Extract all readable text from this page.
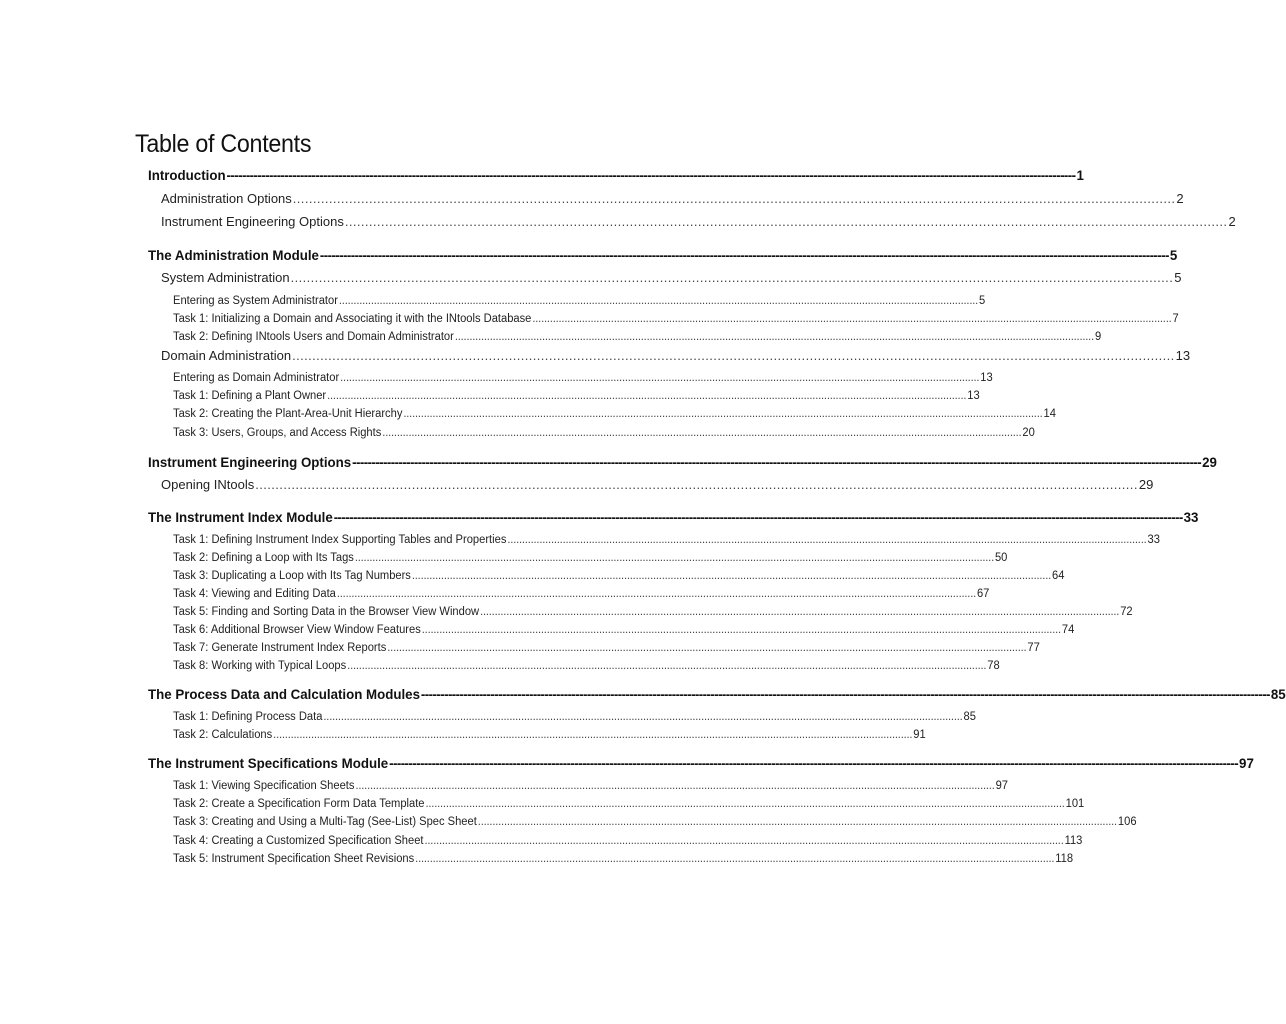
Table of Contents
Introduction ---------------------------------------------------------------------------------------------------------------------------------------------------------------------------------------------------------------------------- 1
Administration Options ............................................................................................................................................................................................................................ 2
Instrument Engineering Options ............................................................................................................................................................................................................................ 2
The Administration Module ---------------------------------------------------------------------------------------------------------------------------------------------------------------------------------------------------------------------------- 5
System Administration ............................................................................................................................................................................................................................ 5
Entering as System Administrator ............................................................................................................................................................................................................................ 5
Task 1: Initializing a Domain and Associating it with the INtools Database ............................................................................................................................................................................................................................ 7
Task 2: Defining INtools Users and Domain Administrator ............................................................................................................................................................................................................................ 9
Domain Administration ............................................................................................................................................................................................................................ 13
Entering as Domain Administrator ............................................................................................................................................................................................................................ 13
Task 1: Defining a Plant Owner ............................................................................................................................................................................................................................ 13
Task 2: Creating the Plant-Area-Unit Hierarchy ............................................................................................................................................................................................................................ 14
Task 3: Users, Groups, and Access Rights ............................................................................................................................................................................................................................ 20
Instrument Engineering Options ---------------------------------------------------------------------------------------------------------------------------------------------------------------------------------------------------------------------------- 29
Opening INtools ............................................................................................................................................................................................................................ 29
The Instrument Index Module ---------------------------------------------------------------------------------------------------------------------------------------------------------------------------------------------------------------------------- 33
Task 1: Defining Instrument Index Supporting Tables and Properties ............................................................................................................................................................................................................................ 33
Task 2: Defining a Loop with Its Tags ............................................................................................................................................................................................................................ 50
Task 3: Duplicating a Loop with Its Tag Numbers ............................................................................................................................................................................................................................ 64
Task 4: Viewing and Editing Data ............................................................................................................................................................................................................................ 67
Task 5: Finding and Sorting Data in the Browser View Window ............................................................................................................................................................................................................................ 72
Task 6: Additional Browser View Window Features ............................................................................................................................................................................................................................ 74
Task 7: Generate Instrument Index Reports ............................................................................................................................................................................................................................ 77
Task 8: Working with Typical Loops ............................................................................................................................................................................................................................ 78
The Process Data and Calculation Modules ---------------------------------------------------------------------------------------------------------------------------------------------------------------------------------------------------------------------------- 85
Task 1: Defining Process Data ............................................................................................................................................................................................................................ 85
Task 2: Calculations ............................................................................................................................................................................................................................ 91
The Instrument Specifications Module ---------------------------------------------------------------------------------------------------------------------------------------------------------------------------------------------------------------------------- 97
Task 1: Viewing Specification Sheets ............................................................................................................................................................................................................................ 97
Task 2: Create a Specification Form Data Template ............................................................................................................................................................................................................................ 101
Task 3: Creating and Using a Multi-Tag (See-List) Spec Sheet ............................................................................................................................................................................................................................ 106
Task 4: Creating a Customized Specification Sheet ............................................................................................................................................................................................................................ 113
Task 5: Instrument Specification Sheet Revisions ............................................................................................................................................................................................................................ 118
